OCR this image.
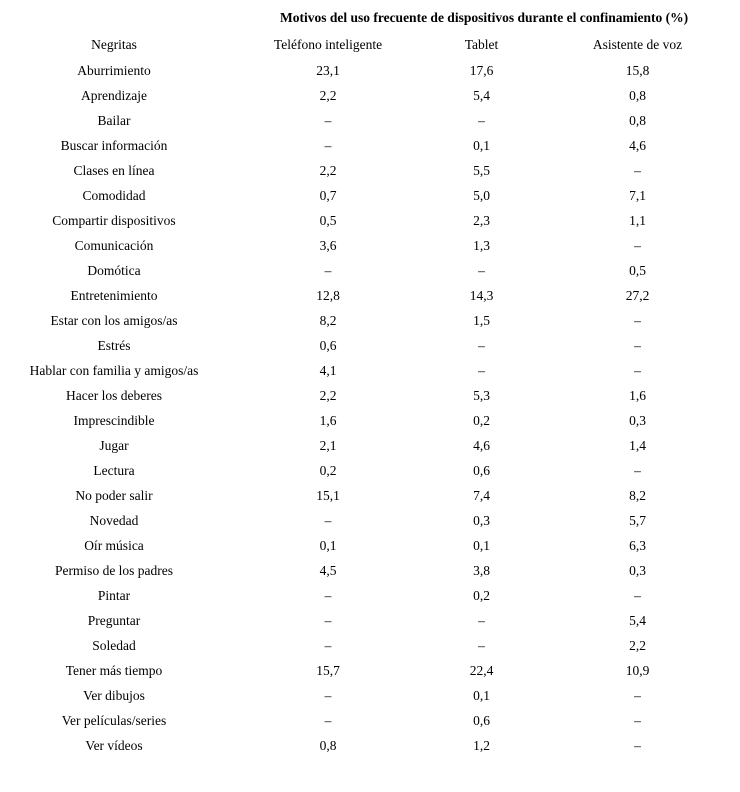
	Motivos del uso frecuente de dispositivos durante el confinamiento (%)		
Negritas	Teléfono inteligente	Tablet	Asistente de voz
Aburrimiento	23,1	17,6	15,8
Aprendizaje	2,2	5,4	0,8
Bailar	–	–	0,8
Buscar información	–	0,1	4,6
Clases en línea	2,2	5,5	–
Comodidad	0,7	5,0	7,1
Compartir dispositivos	0,5	2,3	1,1
Comunicación	3,6	1,3	–
Domótica	–	–	0,5
Entretenimiento	12,8	14,3	27,2
Estar con los amigos/as	8,2	1,5	–
Estrés	0,6	–	–
Hablar con familia y amigos/as	4,1	–	–
Hacer los deberes	2,2	5,3	1,6
Imprescindible	1,6	0,2	0,3
Jugar	2,1	4,6	1,4
Lectura	0,2	0,6	–
No poder salir	15,1	7,4	8,2
Novedad	–	0,3	5,7
Oír música	0,1	0,1	6,3
Permiso de los padres	4,5	3,8	0,3
Pintar	–	0,2	–
Preguntar	–	–	5,4
Soledad	–	–	2,2
Tener más tiempo	15,7	22,4	10,9
Ver dibujos	–	0,1	–
Ver películas/series	–	0,6	–
Ver vídeos	0,8	1,2	–
